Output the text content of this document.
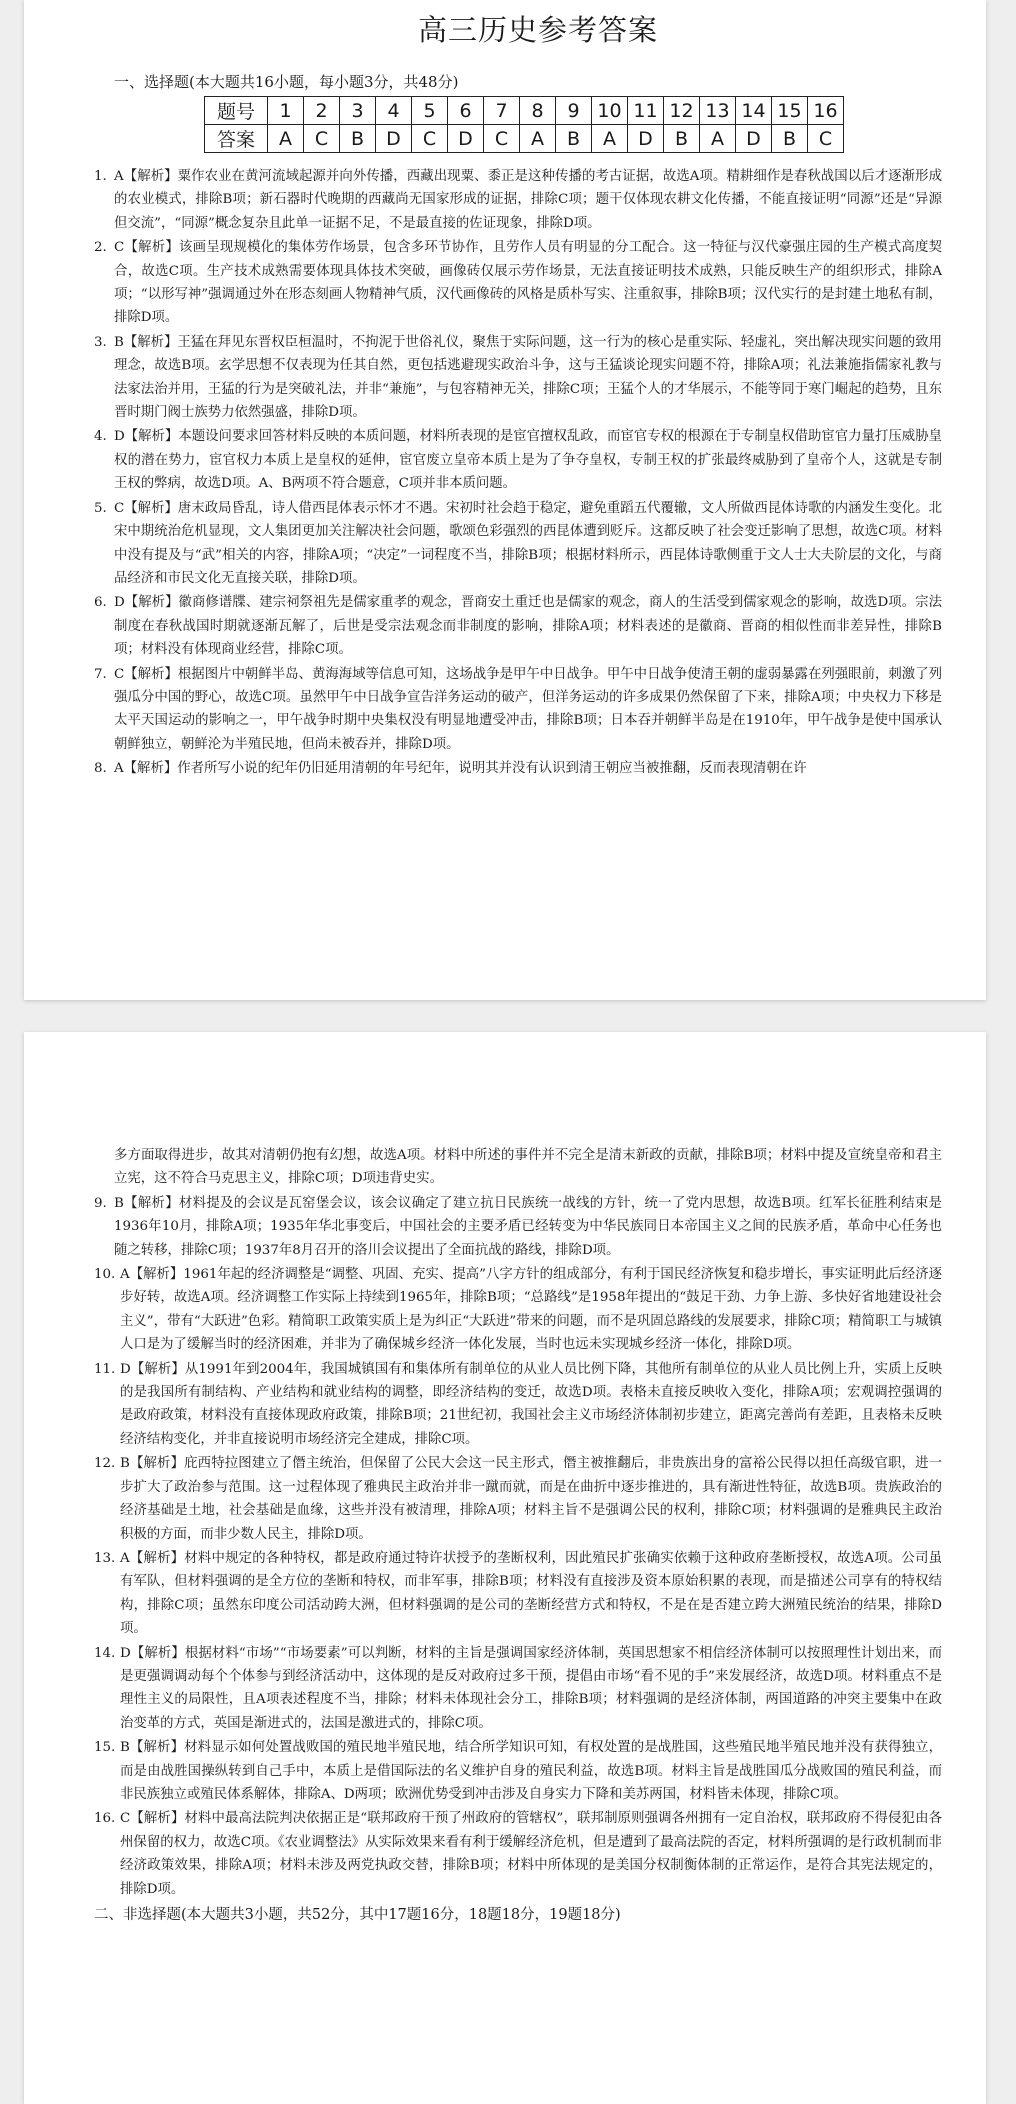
高三历史参考答案
一、选择题(本大题共16小题，每小题3分，共48分)
题号	1	2	3	4	5	6	7	8	9	10	11	12	13	14	15	16
答案	A	C	B	D	C	D	C	A	B	A	D	B	A	D	B	C
1. A【解析】粟作农业在黄河流域起源并向外传播，西藏出现粟、黍正是这种传播的考古证据，故选A项。精耕细作是春秋战国以后才逐渐形成的农业模式，排除B项；新石器时代晚期的西藏尚无国家形成的证据，排除C项；题干仅体现农耕文化传播，不能直接证明“同源”还是“异源但交流”，“同源”概念复杂且此单一证据不足，不是最直接的佐证现象，排除D项。
2. C【解析】该画呈现规模化的集体劳作场景，包含多环节协作，且劳作人员有明显的分工配合。这一特征与汉代豪强庄园的生产模式高度契合，故选C项。生产技术成熟需要体现具体技术突破，画像砖仅展示劳作场景，无法直接证明技术成熟，只能反映生产的组织形式，排除A项；“以形写神”强调通过外在形态刻画人物精神气质，汉代画像砖的风格是质朴写实、注重叙事，排除B项；汉代实行的是封建土地私有制，排除D项。
3. B【解析】王猛在拜见东晋权臣桓温时，不拘泥于世俗礼仪，聚焦于实际问题，这一行为的核心是重实际、轻虚礼，突出解决现实问题的致用理念，故选B项。玄学思想不仅表现为任其自然，更包括逃避现实政治斗争，这与王猛谈论现实问题不符，排除A项；礼法兼施指儒家礼教与法家法治并用，王猛的行为是突破礼法，并非“兼施”，与包容精神无关，排除C项；王猛个人的才华展示，不能等同于寒门崛起的趋势，且东晋时期门阀士族势力依然强盛，排除D项。
4. D【解析】本题设问要求回答材料反映的本质问题，材料所表现的是宦官擅权乱政，而宦官专权的根源在于专制皇权借助宦官力量打压威胁皇权的潜在势力，宦官权力本质上是皇权的延伸，宦官废立皇帝本质上是为了争夺皇权，专制王权的扩张最终威胁到了皇帝个人，这就是专制王权的弊病，故选D项。A、B两项不符合题意，C项并非本质问题。
5. C【解析】唐末政局昏乱，诗人借西昆体表示怀才不遇。宋初时社会趋于稳定，避免重蹈五代覆辙，文人所做西昆体诗歌的内涵发生变化。北宋中期统治危机显现，文人集团更加关注解决社会问题，歌颂色彩强烈的西昆体遭到贬斥。这都反映了社会变迁影响了思想，故选C项。材料中没有提及与“武”相关的内容，排除A项；“决定”一词程度不当，排除B项；根据材料所示，西昆体诗歌侧重于文人士大夫阶层的文化，与商品经济和市民文化无直接关联，排除D项。
6. D【解析】徽商修谱牒、建宗祠祭祖先是儒家重孝的观念，晋商安土重迁也是儒家的观念，商人的生活受到儒家观念的影响，故选D项。宗法制度在春秋战国时期就逐渐瓦解了，后世是受宗法观念而非制度的影响，排除A项；材料表述的是徽商、晋商的相似性而非差异性，排除B项；材料没有体现商业经营，排除C项。
7. C【解析】根据图片中朝鲜半岛、黄海海域等信息可知，这场战争是甲午中日战争。甲午中日战争使清王朝的虚弱暴露在列强眼前，刺激了列强瓜分中国的野心，故选C项。虽然甲午中日战争宣告洋务运动的破产，但洋务运动的许多成果仍然保留了下来，排除A项；中央权力下移是太平天国运动的影响之一，甲午战争时期中央集权没有明显地遭受冲击，排除B项；日本吞并朝鲜半岛是在1910年，甲午战争是使中国承认朝鲜独立，朝鲜沦为半殖民地，但尚未被吞并，排除D项。
8. A【解析】作者所写小说的纪年仍旧延用清朝的年号纪年，说明其并没有认识到清王朝应当被推翻，反而表现清朝在许
多方面取得进步，故其对清朝仍抱有幻想，故选A项。材料中所述的事件并不完全是清末新政的贡献，排除B项；材料中提及宣统皇帝和君主立宪，这不符合马克思主义，排除C项；D项违背史实。
9. B【解析】材料提及的会议是瓦窑堡会议，该会议确定了建立抗日民族统一战线的方针，统一了党内思想，故选B项。红军长征胜利结束是1936年10月，排除A项；1935年华北事变后，中国社会的主要矛盾已经转变为中华民族同日本帝国主义之间的民族矛盾，革命中心任务也随之转移，排除C项；1937年8月召开的洛川会议提出了全面抗战的路线，排除D项。
10. A【解析】1961年起的经济调整是“调整、巩固、充实、提高”八字方针的组成部分，有利于国民经济恢复和稳步增长，事实证明此后经济逐步好转，故选A项。经济调整工作实际上持续到1965年，排除B项；“总路线”是1958年提出的“鼓足干劲、力争上游、多快好省地建设社会主义”，带有“大跃进”色彩。精简职工政策实质上是为纠正“大跃进”带来的问题，而不是巩固总路线的发展要求，排除C项；精简职工与城镇人口是为了缓解当时的经济困难，并非为了确保城乡经济一体化发展，当时也远未实现城乡经济一体化，排除D项。
11. D【解析】从1991年到2004年，我国城镇国有和集体所有制单位的从业人员比例下降，其他所有制单位的从业人员比例上升，实质上反映的是我国所有制结构、产业结构和就业结构的调整，即经济结构的变迁，故选D项。表格未直接反映收入变化，排除A项；宏观调控强调的是政府政策，材料没有直接体现政府政策，排除B项；21世纪初，我国社会主义市场经济体制初步建立，距离完善尚有差距，且表格未反映经济结构变化，并非直接说明市场经济完全建成，排除C项。
12. B【解析】庇西特拉图建立了僭主统治，但保留了公民大会这一民主形式，僭主被推翻后，非贵族出身的富裕公民得以担任高级官职，进一步扩大了政治参与范围。这一过程体现了雅典民主政治并非一蹴而就，而是在曲折中逐步推进的，具有渐进性特征，故选B项。贵族政治的经济基础是土地，社会基础是血缘，这些并没有被清理，排除A项；材料主旨不是强调公民的权利，排除C项；材料强调的是雅典民主政治积极的方面，而非少数人民主，排除D项。
13. A【解析】材料中规定的各种特权，都是政府通过特许状授予的垄断权利，因此殖民扩张确实依赖于这种政府垄断授权，故选A项。公司虽有军队，但材料强调的是全方位的垄断和特权，而非军事，排除B项；材料没有直接涉及资本原始积累的表现，而是描述公司享有的特权结构，排除C项；虽然东印度公司活动跨大洲，但材料强调的是公司的垄断经营方式和特权，不是在是否建立跨大洲殖民统治的结果，排除D项。
14. D【解析】根据材料“市场”“市场要素”可以判断，材料的主旨是强调国家经济体制，英国思想家不相信经济体制可以按照理性计划出来，而是更强调调动每个个体参与到经济活动中，这体现的是反对政府过多干预，提倡由市场“看不见的手”来发展经济，故选D项。材料重点不是理性主义的局限性，且A项表述程度不当，排除；材料未体现社会分工，排除B项；材料强调的是经济体制，两国道路的冲突主要集中在政治变革的方式，英国是渐进式的，法国是激进式的，排除C项。
15. B【解析】材料显示如何处置战败国的殖民地半殖民地，结合所学知识可知，有权处置的是战胜国，这些殖民地半殖民地并没有获得独立，而是由战胜国操纵转到自己手中，本质上是借国际法的名义维护自身的殖民利益，故选B项。材料主旨是战胜国瓜分战败国的殖民利益，而非民族独立或殖民体系解体，排除A、D两项；欧洲优势受到冲击涉及自身实力下降和美苏两国，材料皆未体现，排除C项。
16. C【解析】材料中最高法院判决依据正是“联邦政府干预了州政府的管辖权”，联邦制原则强调各州拥有一定自治权，联邦政府不得侵犯由各州保留的权力，故选C项。《农业调整法》从实际效果来看有利于缓解经济危机，但是遭到了最高法院的否定，材料所强调的是行政机制而非经济政策效果，排除A项；材料未涉及两党执政交替，排除B项；材料中所体现的是美国分权制衡体制的正常运作，是符合其宪法规定的，排除D项。
二、非选择题(本大题共3小题，共52分，其中17题16分，18题18分，19题18分)
